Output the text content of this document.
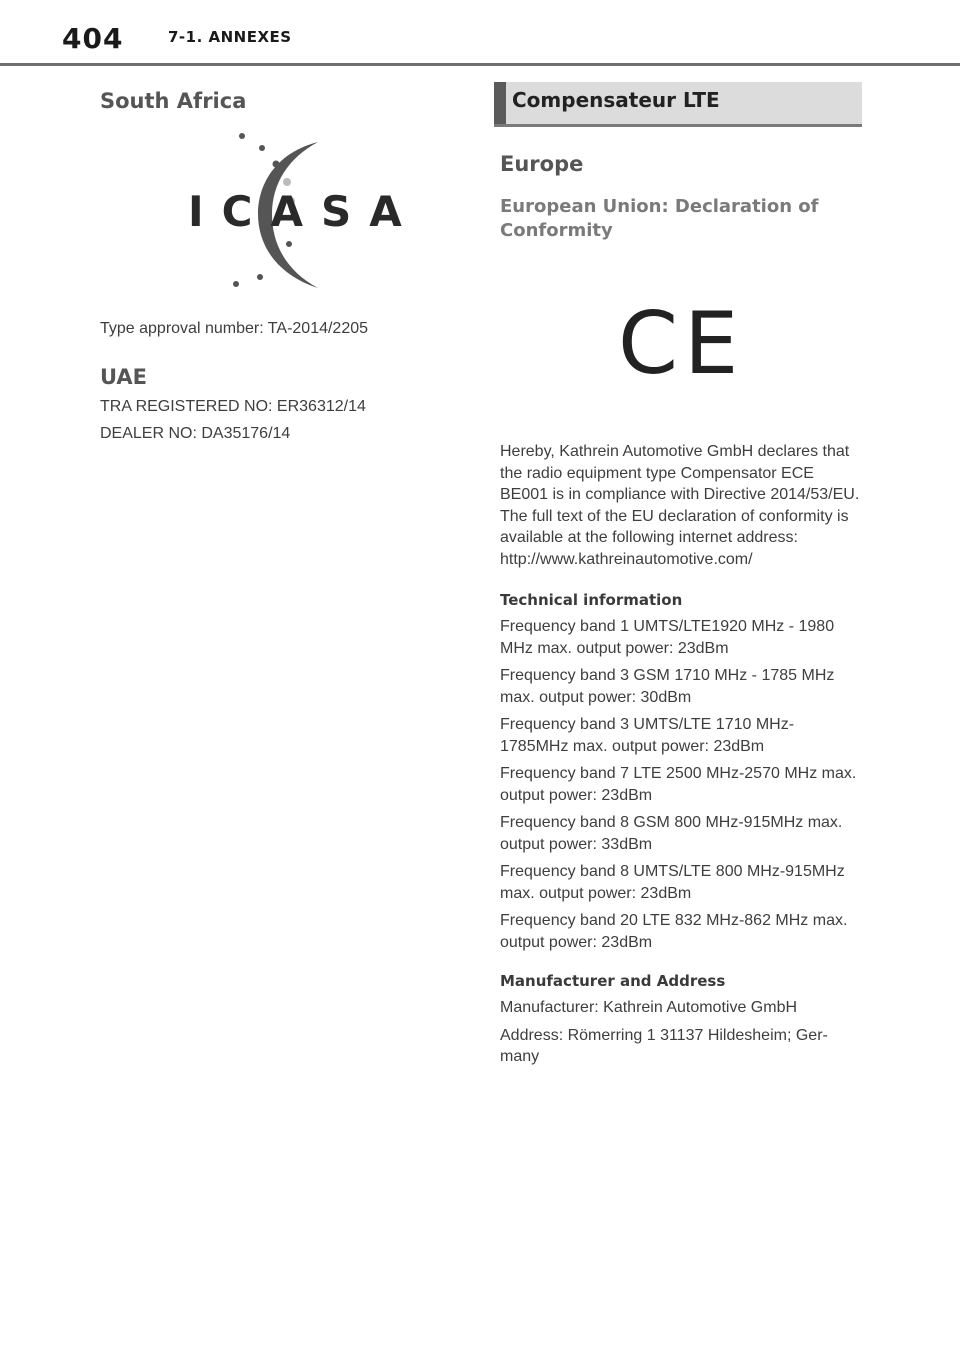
404	7-1. ANNEXES
South Africa
ICASA

Type approval number: TA-2014/2205

UAE

TRA REGISTERED NO: ER36312/14

DEALER NO: DA35176/14

Compensateur LTE
Europe

European Union: Declaration of Conformity

CE

Hereby, Kathrein Automotive GmbH declares that the radio equipment type Compensator ECE BE001 is in compliance with Directive 2014/53/EU. The full text of the EU declaration of conformity is available at the following internet address: http://www.kathreinautomotive.com/

Technical information

Frequency band 1 UMTS/LTE1920 MHz - 1980 MHz max. output power: 23dBm

Frequency band 3 GSM 1710 MHz - 1785 MHz max. output power: 30dBm

Frequency band 3 UMTS/LTE 1710 MHz-1785MHz max. output power: 23dBm

Frequency band 7 LTE 2500 MHz-2570 MHz max. output power: 23dBm

Frequency band 8 GSM 800 MHz-915MHz max. output power: 33dBm

Frequency band 8 UMTS/LTE 800 MHz-915MHz max. output power: 23dBm

Frequency band 20 LTE 832 MHz-862 MHz max. output power: 23dBm

Manufacturer and Address

Manufacturer: Kathrein Automotive GmbH

Address: Römerring 1 31137 Hildesheim; Ger-many
